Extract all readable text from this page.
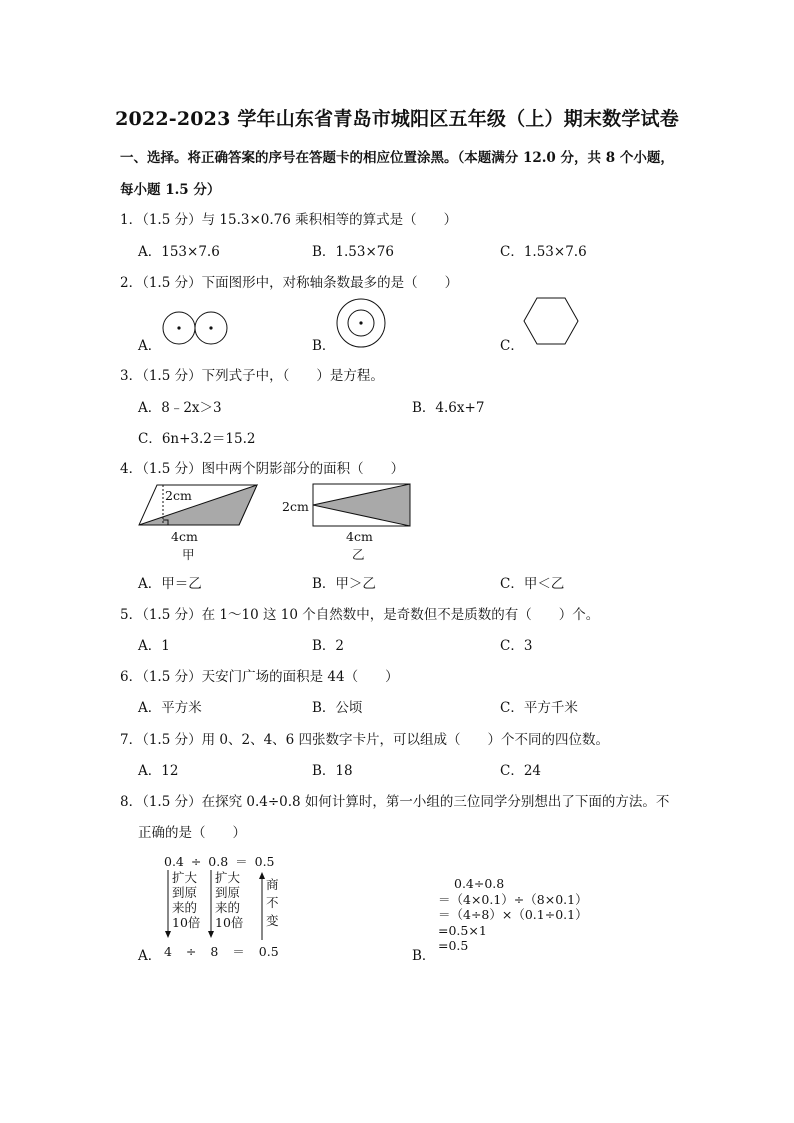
2022-2023 学年山东省青岛市城阳区五年级（上）期末数学试卷
一、选择。将正确答案的序号在答题卡的相应位置涂黑。（本题满分 12.0 分，共 8 个小题，
每小题 1.5 分）
1．（1.5 分）与 15.3×0.76 乘积相等的算式是（　　）
A．153×7.6	B．1.53×76	C．1.53×7.6
2．（1.5 分）下面图形中，对称轴条数最多的是（　　）
A．	B．	C．
3．（1.5 分）下列式子中，（　　）是方程。
A．8﹣2x＞3	B．4.6x+7
C．6n+3.2＝15.2
4．（1.5 分）图中两个阴影部分的面积（　　）
2cm
4cm
甲
2cm
4cm
乙
A．甲＝乙	B．甲＞乙	C．甲＜乙
5．（1.5 分）在 1～10 这 10 个自然数中，是奇数但不是质数的有（　　）个。
A．1	B．2	C．3
6．（1.5 分）天安门广场的面积是 44（　　）
A．平方米	B．公顷	C．平方千米
7．（1.5 分）用 0、2、4、6 四张数字卡片，可以组成（　　）个不同的四位数。
A．12	B．18	C．24
8．（1.5 分）在探究 0.4÷0.8 如何计算时，第一小组的三位同学分别想出了下面的方法。不
正确的是（　　）
A．
0.4 ÷ 0.8 ＝ 0.5
4 ÷ 8 ＝ 0.5
扩大
到原
来的
10倍
扩大
到原
来的
10倍
商
不
变
B．
0.4÷0.8
＝（4×0.1）÷（8×0.1）
＝（4÷8）×（0.1÷0.1）
=0.5×1
=0.5
